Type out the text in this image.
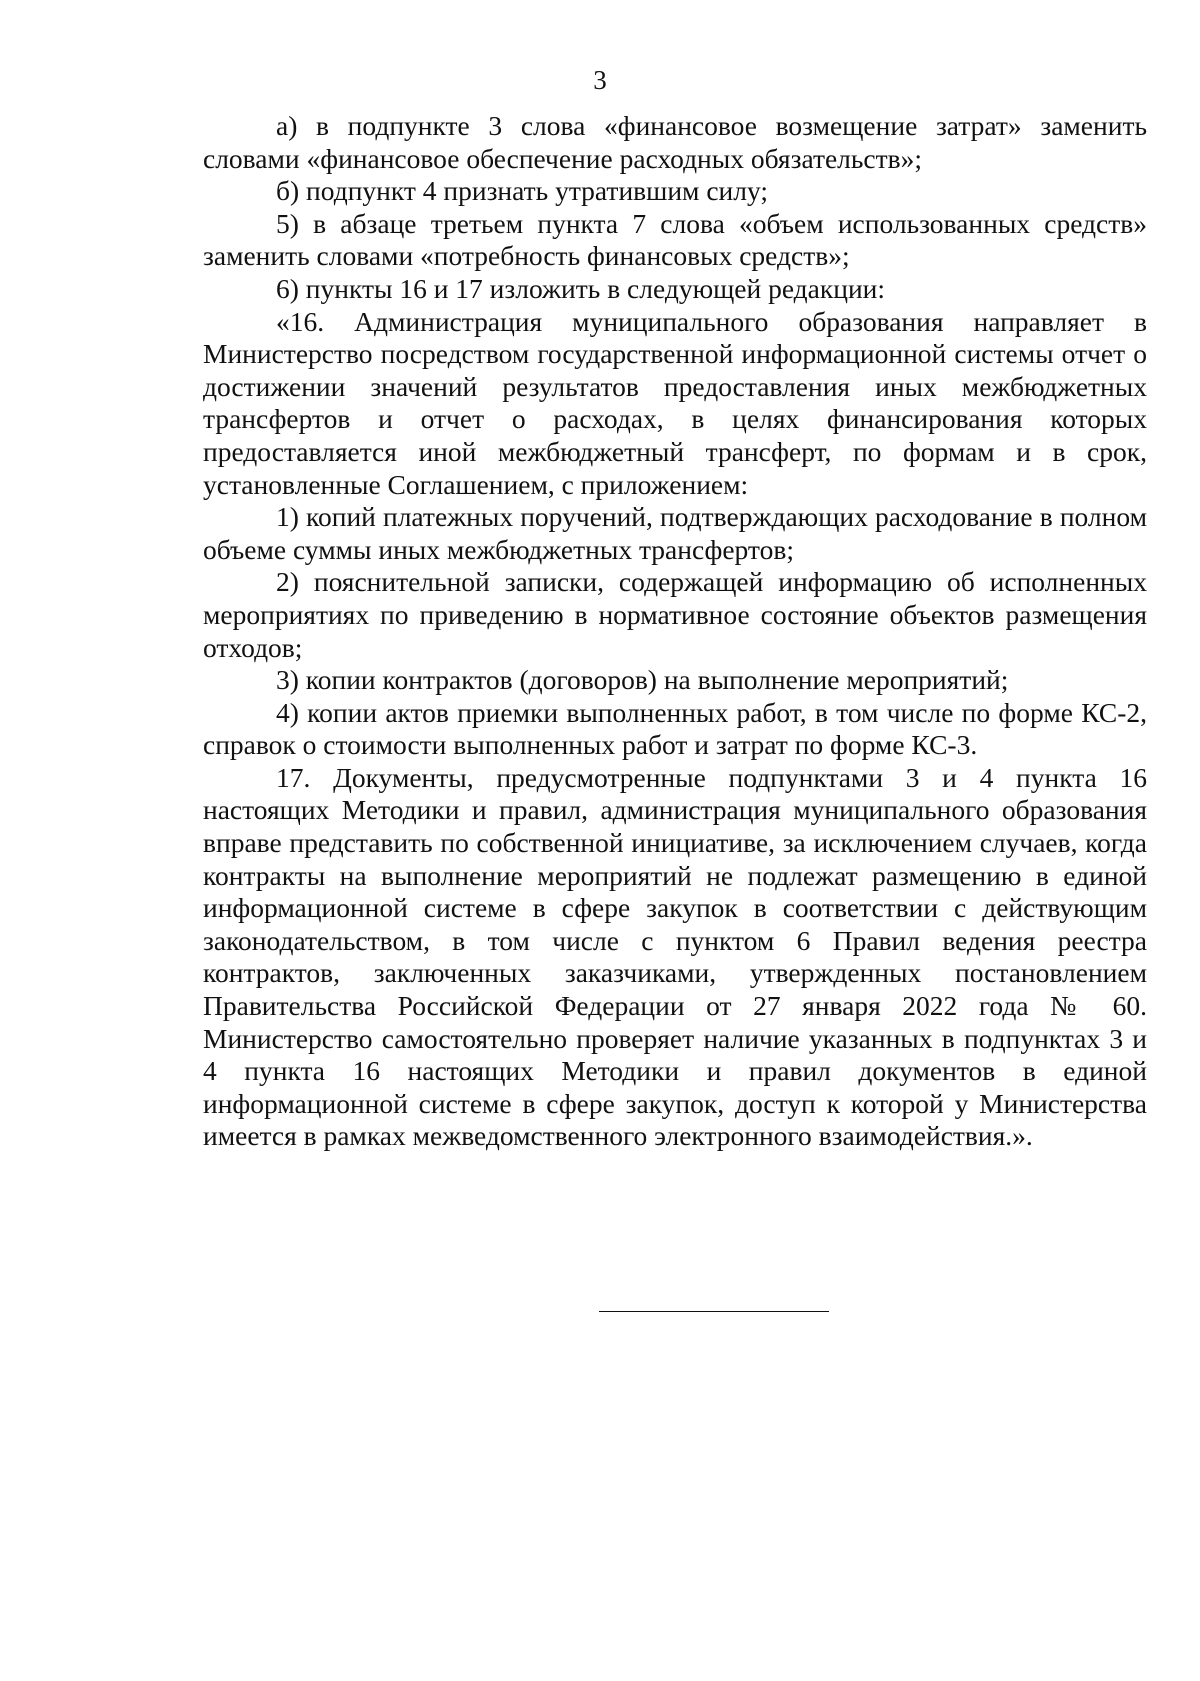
3

а) в подпункте 3 слова «финансовое возмещение затрат» заменить словами «финансовое обеспечение расходных обязательств»;

б) подпункт 4 признать утратившим силу;

5) в абзаце третьем пункта 7 слова «объем использованных средств» заменить словами «потребность финансовых средств»;

6) пункты 16 и 17 изложить в следующей редакции:

«16. Администрация муниципального образования направляет в Министерство посредством государственной информационной системы отчет о достижении значений результатов предоставления иных межбюджетных трансфертов и отчет о расходах, в целях финансирования которых предоставляется иной межбюджетный трансферт, по формам и в срок, установленные Соглашением, с приложением:

1) копий платежных поручений, подтверждающих расходование в полном объеме суммы иных межбюджетных трансфертов;

2) пояснительной записки, содержащей информацию об исполненных мероприятиях по приведению в нормативное состояние объектов размещения отходов;

3) копии контрактов (договоров) на выполнение мероприятий;

4) копии актов приемки выполненных работ, в том числе по форме КС-2, справок о стоимости выполненных работ и затрат по форме КС-3.

17. Документы, предусмотренные подпунктами 3 и 4 пункта 16 настоящих Методики и правил, администрация муниципального образования вправе представить по собственной инициативе, за исключением случаев, когда контракты на выполнение мероприятий не подлежат размещению в единой информационной системе в сфере закупок в соответствии с действующим законодательством, в том числе с пунктом 6 Правил ведения реестра контрактов, заключенных заказчиками, утвержденных постановлением Правительства Российской Федерации от 27 января 2022 года № 60. Министерство самостоятельно проверяет наличие указанных в подпунктах 3 и 4 пункта 16 настоящих Методики и правил документов в единой информационной системе в сфере закупок, доступ к которой у Министерства имеется в рамках межведомственного электронного взаимодействия.».
